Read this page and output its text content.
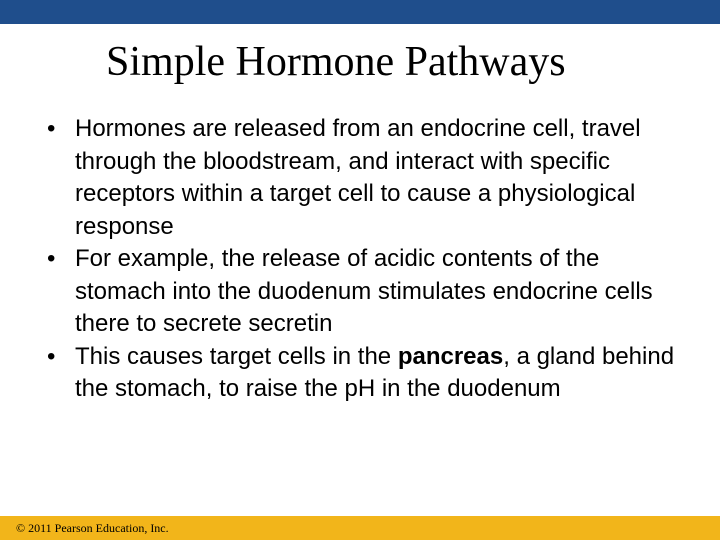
Simple Hormone Pathways
• Hormones are released from an endocrine cell, travel through the bloodstream, and interact with specific receptors within a target cell to cause a physiological response
• For example, the release of acidic contents of the stomach into the duodenum stimulates endocrine cells there to secrete secretin
• This causes target cells in the pancreas, a gland behind the stomach, to raise the pH in the duodenum
© 2011 Pearson Education, Inc.
